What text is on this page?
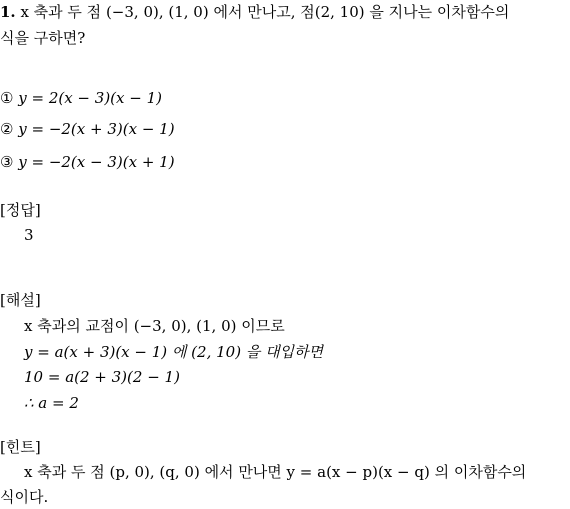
1. x 축과 두 점 (−3, 0), (1, 0) 에서 만나고, 점(2, 10) 을 지나는 이차함수의
식을 구하면?
① y = 2(x − 3)(x − 1)
② y = −2(x + 3)(x − 1)
③ y = −2(x − 3)(x + 1)
[정답]
3
[해설]
x 축과의 교점이 (−3, 0), (1, 0) 이므로
y = a(x + 3)(x − 1) 에 (2, 10) 을 대입하면
10 = a(2 + 3)(2 − 1)
∴ a = 2
[힌트]
x 축과 두 점 (p, 0), (q, 0) 에서 만나면 y = a(x − p)(x − q) 의 이차함수의
식이다.
